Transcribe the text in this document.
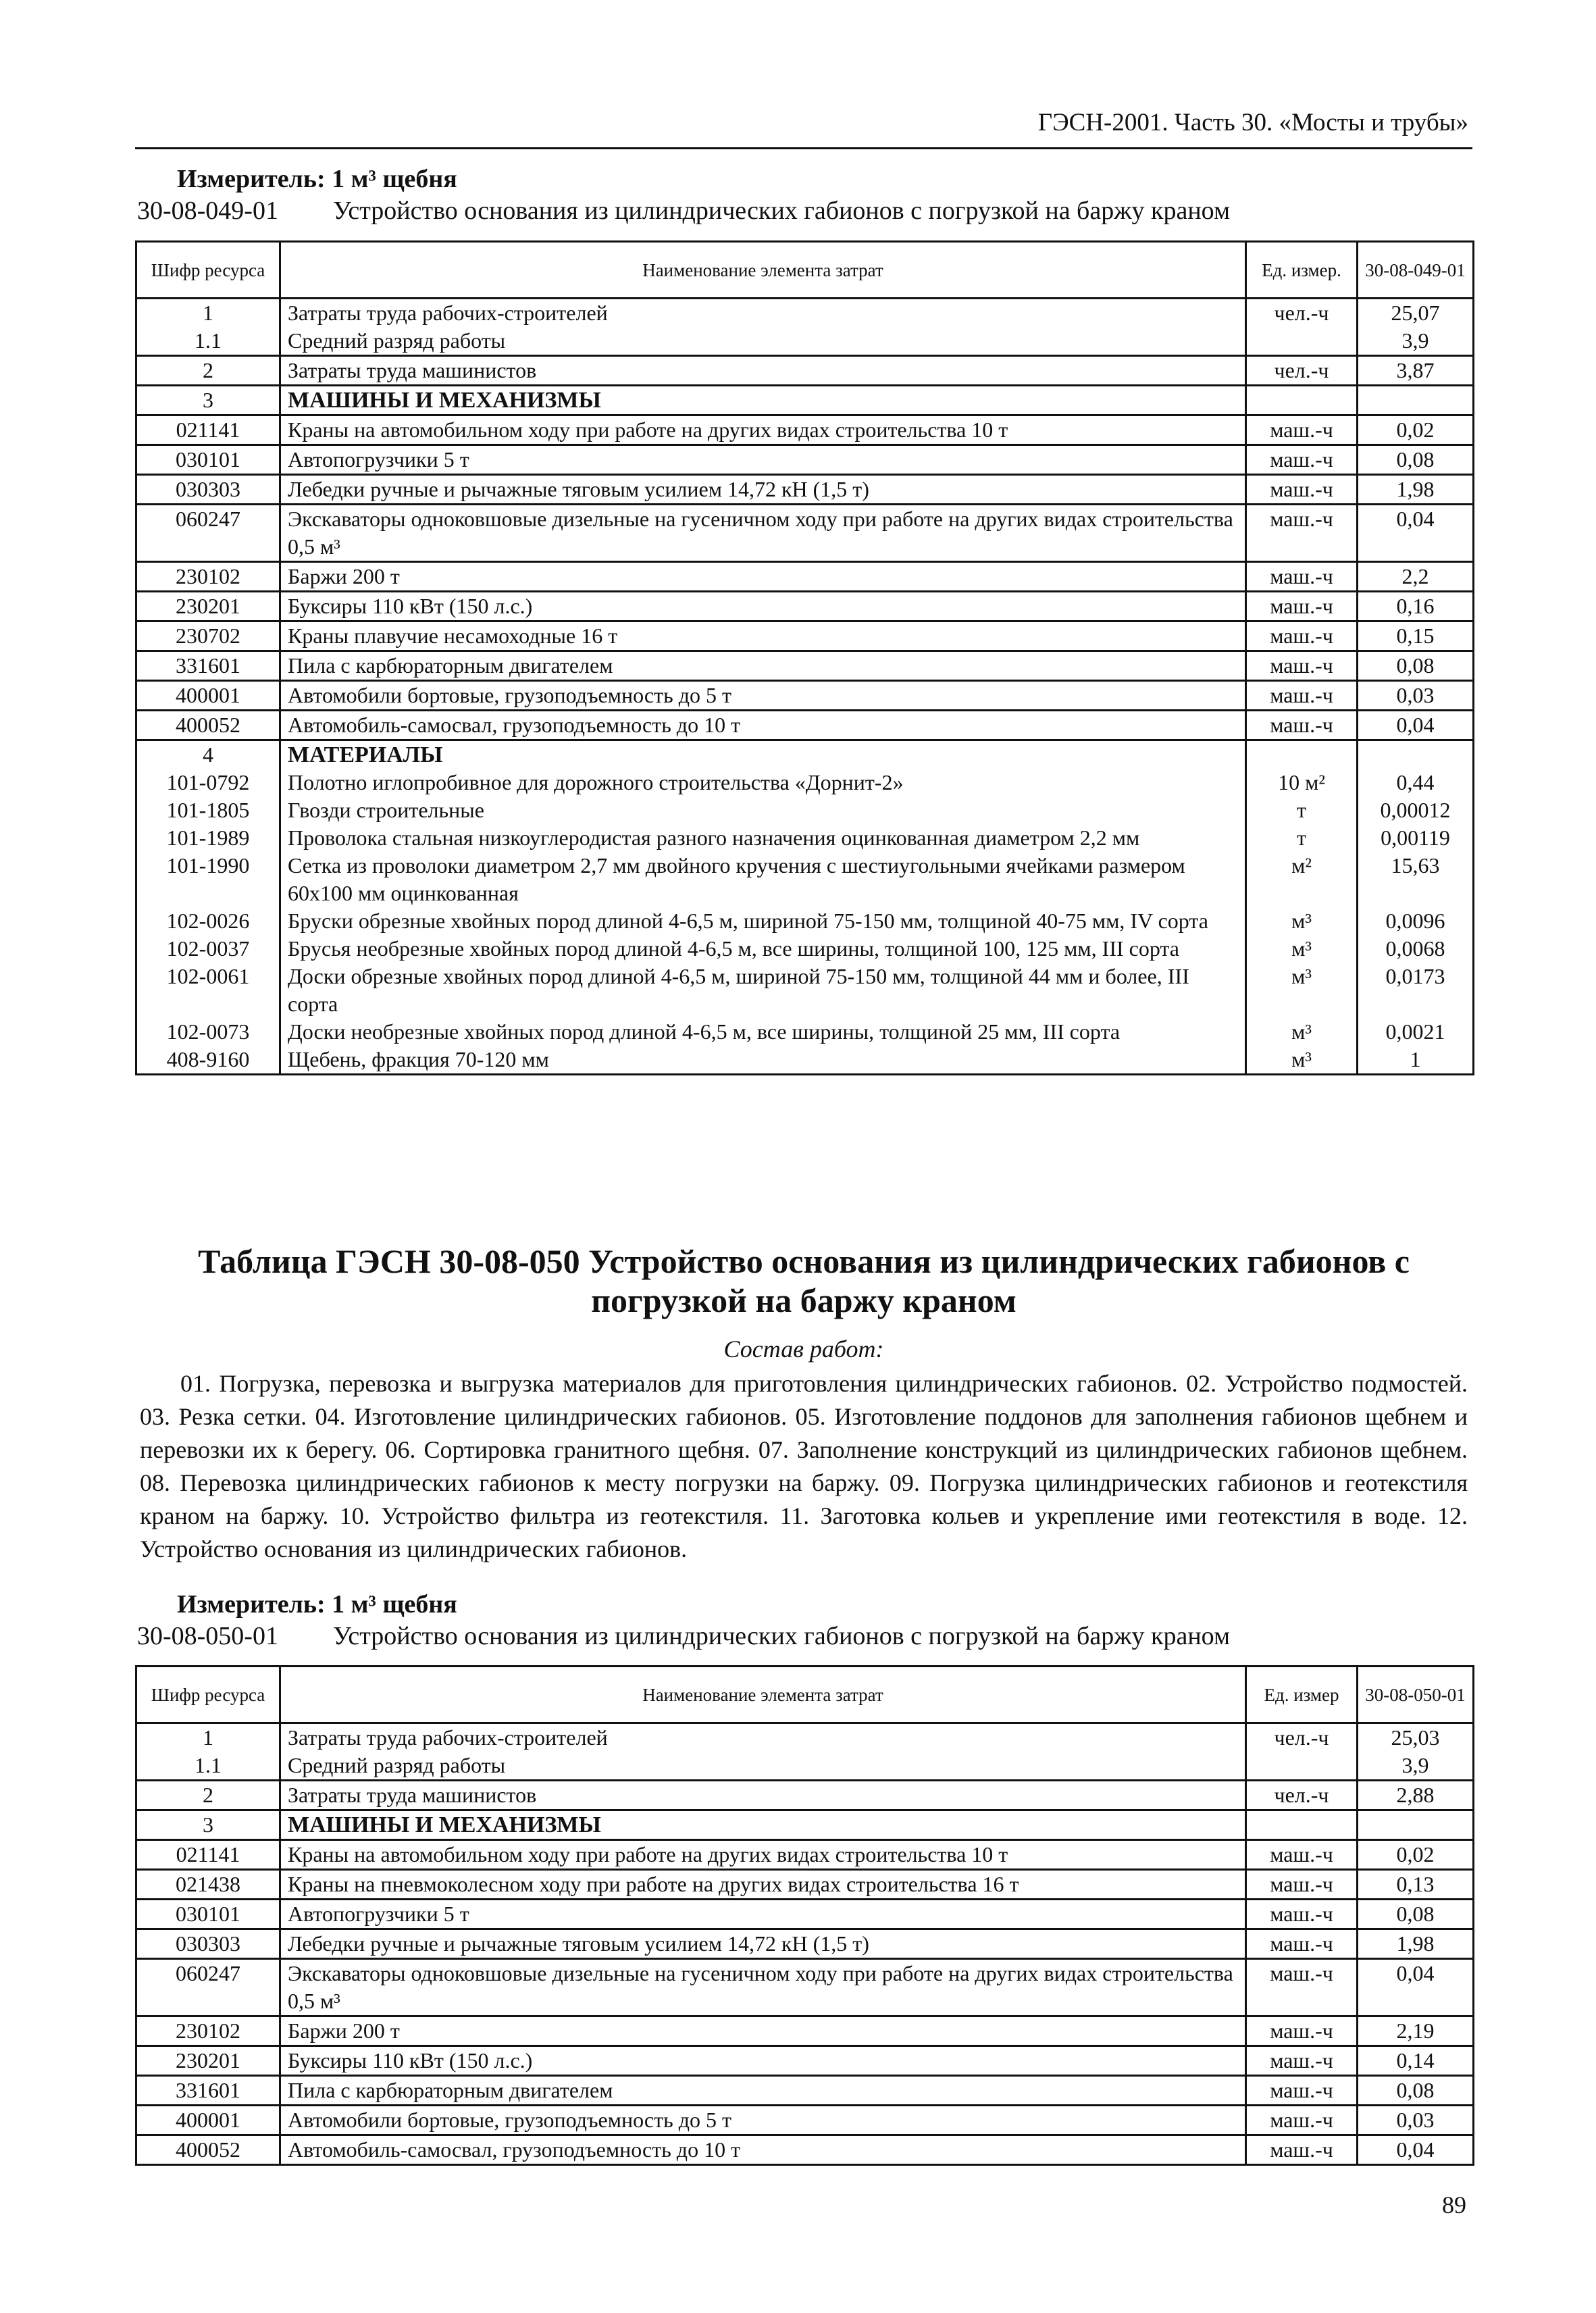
ГЭСН-2001. Часть 30. «Мосты и трубы»
Измеритель: 1 м³ щебня
30-08-049-01 Устройство основания из цилиндрических габионов с погрузкой на баржу краном
Шифр ресурса	Наименование элемента затрат	Ед. измер.	30-08-049-01
1	Затраты труда рабочих-строителей	чел.-ч	25,07
1.1	Средний разряд работы		3,9
2	Затраты труда машинистов	чел.-ч	3,87
3	МАШИНЫ И МЕХАНИЗМЫ		
021141	Краны на автомобильном ходу при работе на других видах строительства 10 т	маш.-ч	0,02
030101	Автопогрузчики 5 т	маш.-ч	0,08
030303	Лебедки ручные и рычажные тяговым усилием 14,72 кН (1,5 т)	маш.-ч	1,98
060247	Экскаваторы одноковшовые дизельные на гусеничном ходу при работе на других видах строительства 0,5 м³	маш.-ч	0,04
230102	Баржи 200 т	маш.-ч	2,2
230201	Буксиры 110 кВт (150 л.с.)	маш.-ч	0,16
230702	Краны плавучие несамоходные 16 т	маш.-ч	0,15
331601	Пила с карбюраторным двигателем	маш.-ч	0,08
400001	Автомобили бортовые, грузоподъемность до 5 т	маш.-ч	0,03
400052	Автомобиль-самосвал, грузоподъемность до 10 т	маш.-ч	0,04
4	МАТЕРИАЛЫ		
101-0792	Полотно иглопробивное для дорожного строительства «Дорнит-2»	10 м²	0,44
101-1805	Гвозди строительные	т	0,00012
101-1989	Проволока стальная низкоуглеродистая разного назначения оцинкованная диаметром 2,2 мм	т	0,00119
101-1990	Сетка из проволоки диаметром 2,7 мм двойного кручения с шестиугольными ячейками размером 60x100 мм оцинкованная	м²	15,63
102-0026	Бруски обрезные хвойных пород длиной 4-6,5 м, шириной 75-150 мм, толщиной 40-75 мм, IV сорта	м³	0,0096
102-0037	Брусья необрезные хвойных пород длиной 4-6,5 м, все ширины, толщиной 100, 125 мм, III сорта	м³	0,0068
102-0061	Доски обрезные хвойных пород длиной 4-6,5 м, шириной 75-150 мм, толщиной 44 мм и более, III сорта	м³	0,0173
102-0073	Доски необрезные хвойных пород длиной 4-6,5 м, все ширины, толщиной 25 мм, III сорта	м³	0,0021
408-9160	Щебень, фракция 70-120 мм	м³	1
Таблица ГЭСН 30-08-050 Устройство основания из цилиндрических габионов с погрузкой на баржу краном
Состав работ:
01. Погрузка, перевозка и выгрузка материалов для приготовления цилиндрических габионов. 02. Устройство подмостей. 03. Резка сетки. 04. Изготовление цилиндрических габионов. 05. Изготовление поддонов для заполнения габионов щебнем и перевозки их к берегу. 06. Сортировка гранитного щебня. 07. Заполнение конструкций из цилиндрических габионов щебнем. 08. Перевозка цилиндрических габионов к месту погрузки на баржу. 09. Погрузка цилиндрических габионов и геотекстиля краном на баржу. 10. Устройство фильтра из геотекстиля. 11. Заготовка кольев и укрепление ими геотекстиля в воде. 12. Устройство основания из цилиндрических габионов.
Измеритель: 1 м³ щебня
30-08-050-01 Устройство основания из цилиндрических габионов с погрузкой на баржу краном
Шифр ресурса	Наименование элемента затрат	Ед. измер	30-08-050-01
1	Затраты труда рабочих-строителей	чел.-ч	25,03
1.1	Средний разряд работы		3,9
2	Затраты труда машинистов	чел.-ч	2,88
3	МАШИНЫ И МЕХАНИЗМЫ		
021141	Краны на автомобильном ходу при работе на других видах строительства 10 т	маш.-ч	0,02
021438	Краны на пневмоколесном ходу при работе на других видах строительства 16 т	маш.-ч	0,13
030101	Автопогрузчики 5 т	маш.-ч	0,08
030303	Лебедки ручные и рычажные тяговым усилием 14,72 кН (1,5 т)	маш.-ч	1,98
060247	Экскаваторы одноковшовые дизельные на гусеничном ходу при работе на других видах строительства 0,5 м³	маш.-ч	0,04
230102	Баржи 200 т	маш.-ч	2,19
230201	Буксиры 110 кВт (150 л.с.)	маш.-ч	0,14
331601	Пила с карбюраторным двигателем	маш.-ч	0,08
400001	Автомобили бортовые, грузоподъемность до 5 т	маш.-ч	0,03
400052	Автомобиль-самосвал, грузоподъемность до 10 т	маш.-ч	0,04
89
